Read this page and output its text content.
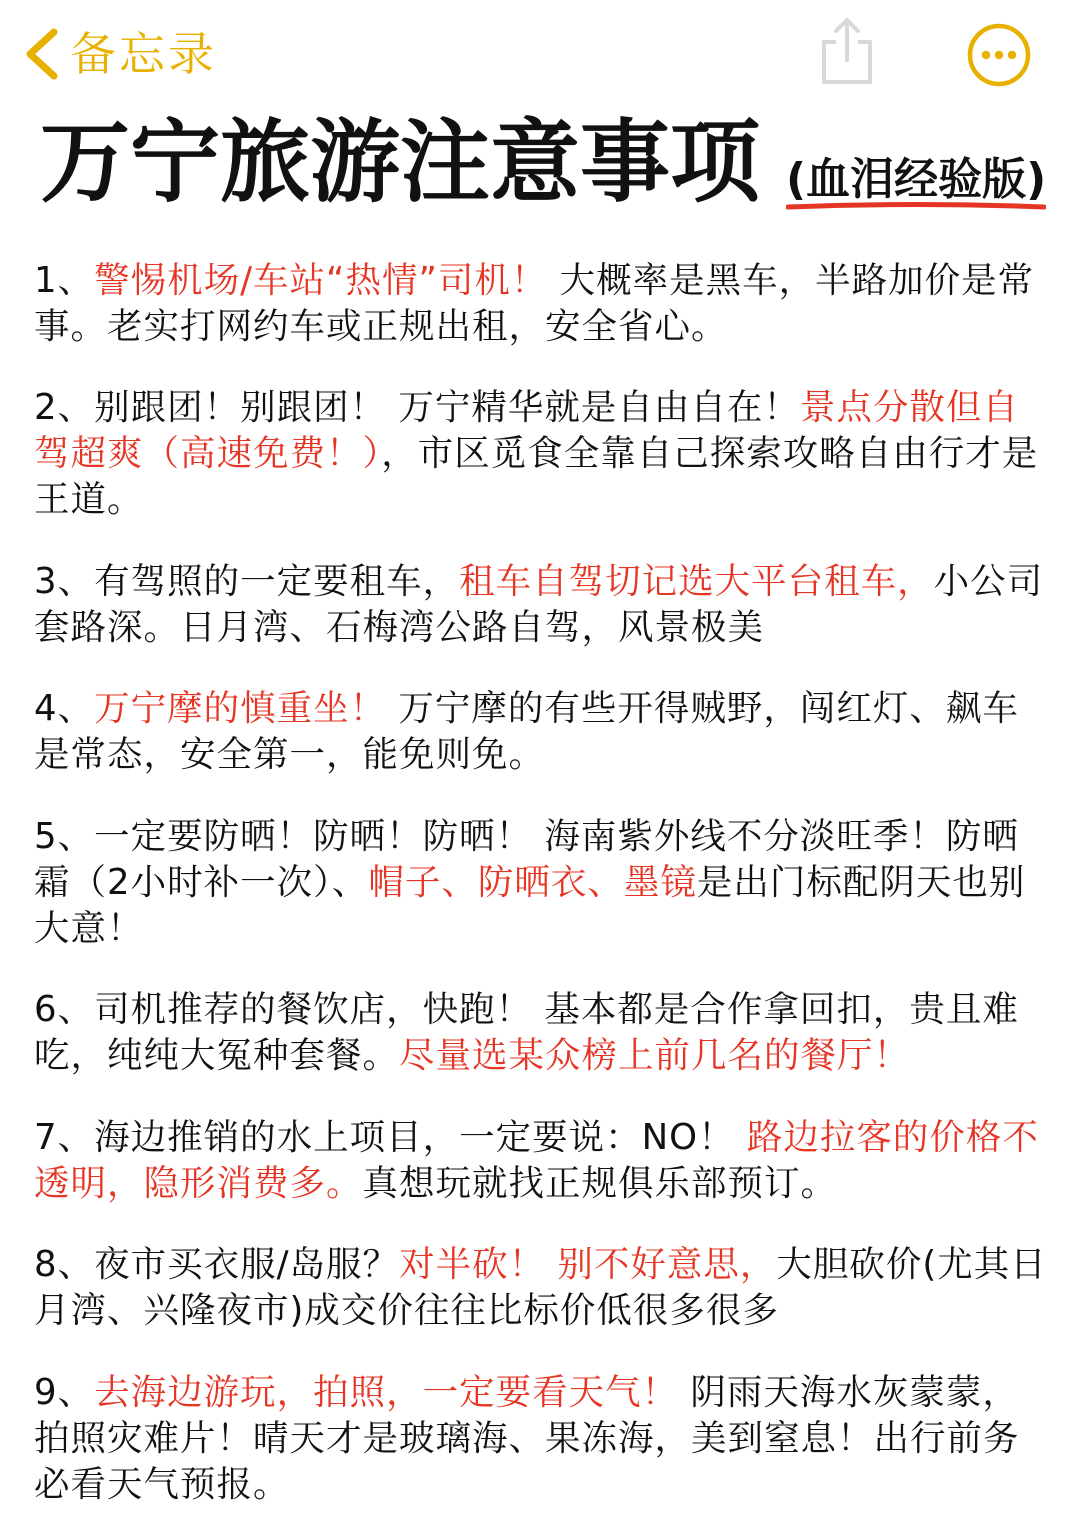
备忘录
万宁旅游注意事项 (血泪经验版)

1、警惕机场/车站“热情”司机！ 大概率是黑车，半路加价是常事。老实打网约车或正规出租，安全省心。

2、别跟团！别跟团！ 万宁精华就是自由自在！景点分散但自驾超爽（高速免费！），市区觅食全靠自己探索攻略自由行才是王道。

3、有驾照的一定要租车，租车自驾切记选大平台租车，小公司套路深。日月湾、石梅湾公路自驾，风景极美

4、万宁摩的慎重坐！ 万宁摩的有些开得贼野，闯红灯、飙车是常态，安全第一，能免则免。

5、一定要防晒！防晒！防晒！ 海南紫外线不分淡旺季！防晒霜（2小时补一次）、帽子、防晒衣、墨镜是出门标配阴天也别大意！

6、司机推荐的餐饮店，快跑！ 基本都是合作拿回扣，贵且难吃，纯纯大冤种套餐。尽量选某众榜上前几名的餐厅！

7、海边推销的水上项目，一定要说：NO！ 路边拉客的价格不透明，隐形消费多。真想玩就找正规俱乐部预订。

8、夜市买衣服/岛服？对半砍！ 别不好意思，大胆砍价(尤其日月湾、兴隆夜市)成交价往往比标价低很多很多

9、去海边游玩，拍照，一定要看天气！ 阴雨天海水灰蒙蒙，拍照灾难片！晴天才是玻璃海、果冻海，美到窒息！出行前务必看天气预报。
